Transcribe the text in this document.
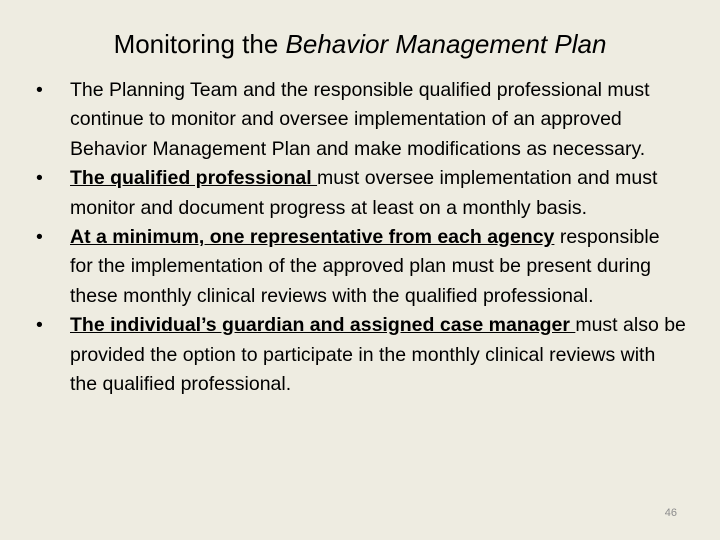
Monitoring the Behavior Management Plan
•	The Planning Team and the responsible qualified professional must continue to monitor and oversee implementation of an approved Behavior Management Plan and make modifications as necessary.
•	The qualified professional must oversee implementation and must monitor and document progress at least on a monthly basis.
•	At a minimum, one representative from each agency responsible for the implementation of the approved plan must be present during these monthly clinical reviews with the qualified professional.
•	The individual’s guardian and assigned case manager must also be provided the option to participate in the monthly clinical reviews with the qualified professional.
46
